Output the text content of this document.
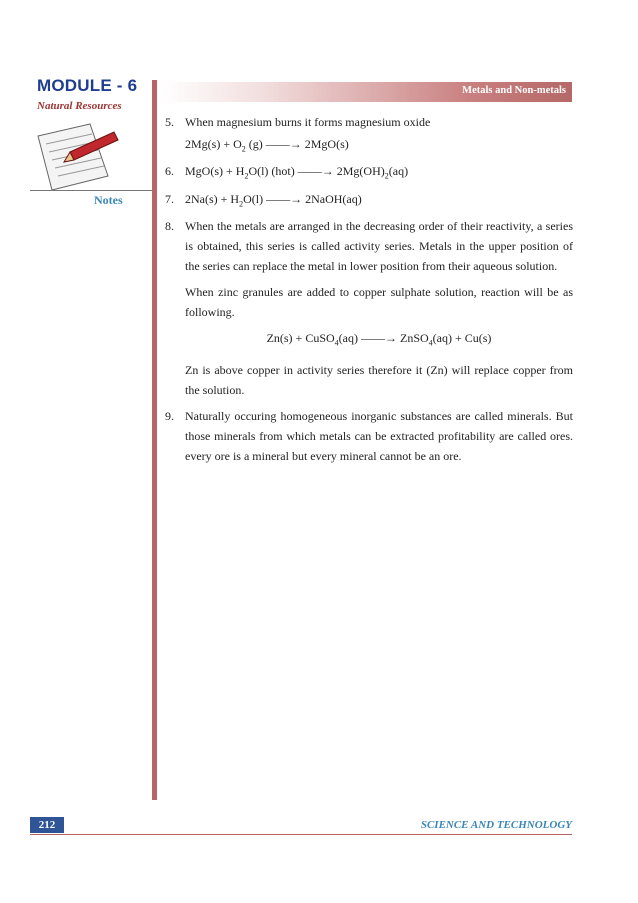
MODULE - 6
Natural Resources
Metals and Non-metals
Notes
5. When magnesium burns it forms magnesium oxide
$2Mg(s) + O_2$ (g) ——→ 2MgO(s)
6. $MgO(s) + H_2O(l)$ (hot) ——→ $2Mg(OH)_2(aq)$
7. $2Na(s) + H_2O(l)$ ——→ 2NaOH(aq)
8. When the metals are arranged in the decreasing order of their reactivity, a series is obtained, this series is called activity series. Metals in the upper position of the series can replace the metal in lower position from their aqueous solution.
When zinc granules are added to copper sulphate solution, reaction will be as following.
Zn(s) + CuSO$_4$(aq) ——→ ZnSO$_4$(aq) + Cu(s)
Zn is above copper in activity series therefore it (Zn) will replace copper from the solution.
9. Naturally occuring homogeneous inorganic substances are called minerals. But those minerals from which metals can be extracted profitability are called ores. every ore is a mineral but every mineral cannot be an ore.
212	SCIENCE AND TECHNOLOGY
